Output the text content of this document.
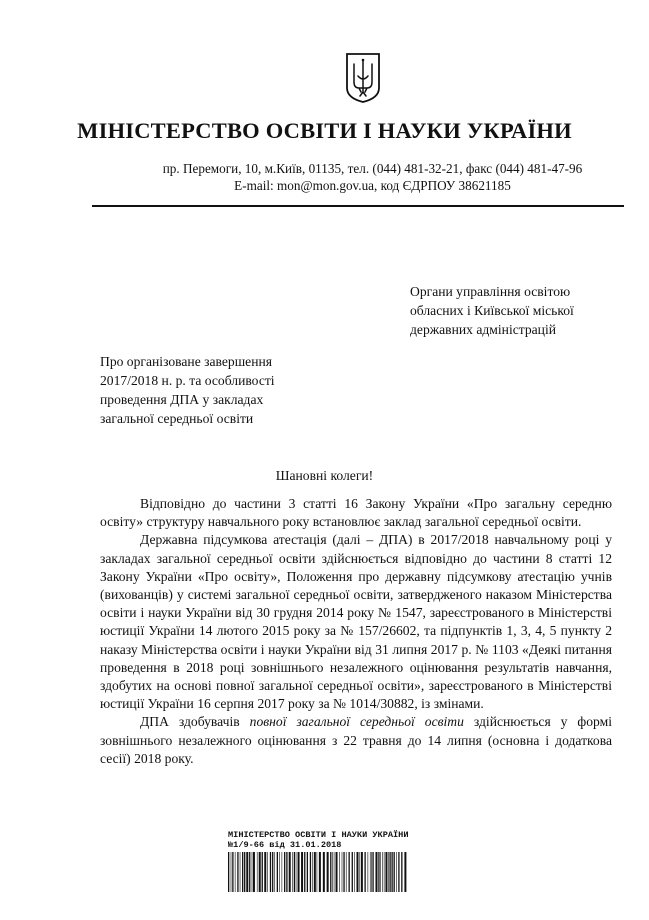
МІНІСТЕРСТВО ОСВІТИ І НАУКИ УКРАЇНИ
пр. Перемоги, 10, м.Київ, 01135, тел. (044) 481-32-21, факс (044) 481-47-96
E-mail: mon@mon.gov.ua, код ЄДРПОУ 38621185
Органи управління освітою
обласних і Київської міської
державних адміністрацій
Про організоване завершення
2017/2018 н. р. та особливості
проведення ДПА у закладах
загальної середньої освіти
Шановні колеги!

Відповідно до частини 3 статті 16 Закону України «Про загальну середню освіту» структуру навчального року встановлює заклад загальної середньої освіти.

Державна підсумкова атестація (далі – ДПА) в 2017/2018 навчальному році у закладах загальної середньої освіти здійснюється відповідно до частини 8 статті 12 Закону України «Про освіту», Положення про державну підсумкову атестацію учнів (вихованців) у системі загальної середньої освіти, затвердженого наказом Міністерства освіти і науки України від 30 грудня 2014 року № 1547, зареєстрованого в Міністерстві юстиції України 14 лютого 2015 року за № 157/26602, та підпунктів 1, 3, 4, 5 пункту 2 наказу Міністерства освіти і науки України від 31 липня 2017 р. № 1103 «Деякі питання проведення в 2018 році зовнішнього незалежного оцінювання результатів навчання, здобутих на основі повної загальної середньої освіти», зареєстрованого в Міністерстві юстиції України 16 серпня 2017 року за № 1014/30882, із змінами.

ДПА здобувачів повної загальної середньої освіти здійснюється у формі зовнішнього незалежного оцінювання з 22 травня до 14 липня (основна і додаткова сесії) 2018 року.

МІНІСТЕРСТВО ОСВІТИ І НАУКИ УКРАЇНИ
№1/9-66 від 31.01.2018
